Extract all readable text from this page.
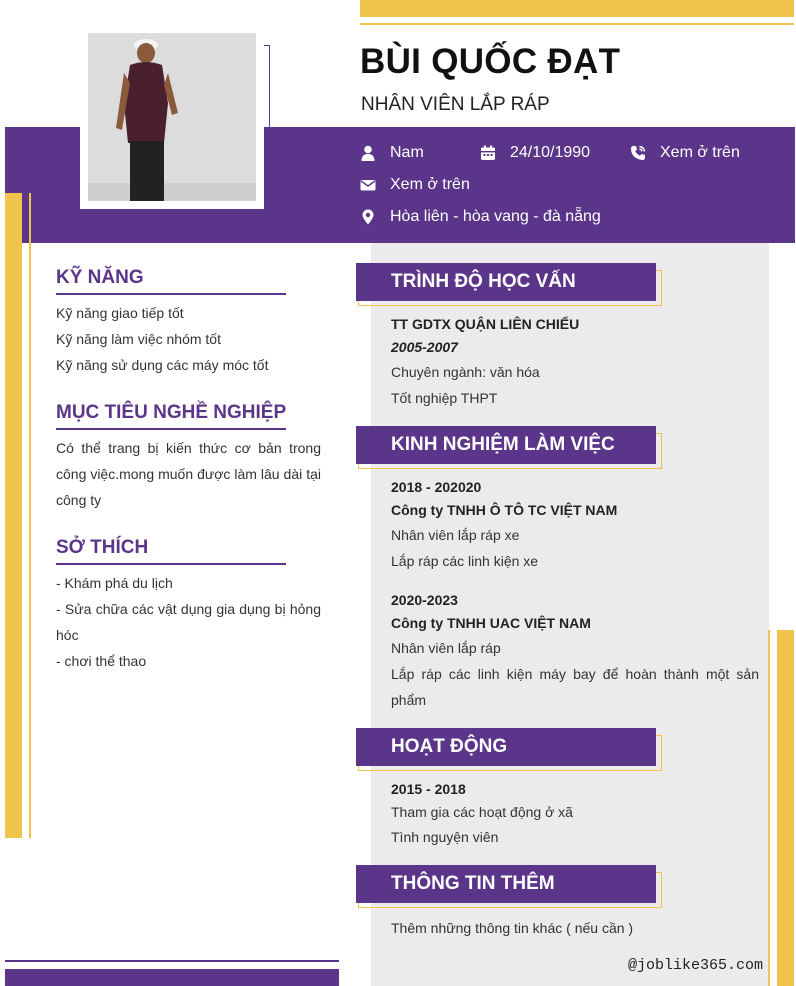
BÙI QUỐC ĐẠT
NHÂN VIÊN LẮP RÁP
Nam	24/10/1990	Xem ở trên
Xem ở trên
Hòa liên - hòa vang - đà nẵng
KỸ NĂNG
Kỹ năng giao tiếp tốt
Kỹ năng làm việc nhóm tốt
Kỹ năng sử dụng các máy móc tốt
MỤC TIÊU NGHỀ NGHIỆP
Có thể trang bị kiến thức cơ bản trong công việc.mong muốn được làm lâu dài tại công ty
SỞ THÍCH
- Khám phá du lịch
- Sửa chữa các vật dụng gia dụng bị hỏng hóc
- chơi thể thao
TRÌNH ĐỘ HỌC VẤN
TT GDTX QUẬN LIÊN CHIỂU
2005-2007
Chuyên ngành: văn hóa
Tốt nghiệp THPT
KINH NGHIỆM LÀM VIỆC
2018 - 202020
Công ty TNHH Ô TÔ TC VIỆT NAM
Nhân viên lắp ráp xe
Lắp ráp các linh kiện xe
2020-2023
Công ty TNHH UAC VIỆT NAM
Nhân viên lắp ráp
Lắp ráp các linh kiện máy bay để hoàn thành một sản phẩm
HOẠT ĐỘNG
2015 - 2018
Tham gia các hoạt động ở xã
Tình nguyện viên
THÔNG TIN THÊM
Thêm những thông tin khác ( nếu cần )
@joblike365.com
